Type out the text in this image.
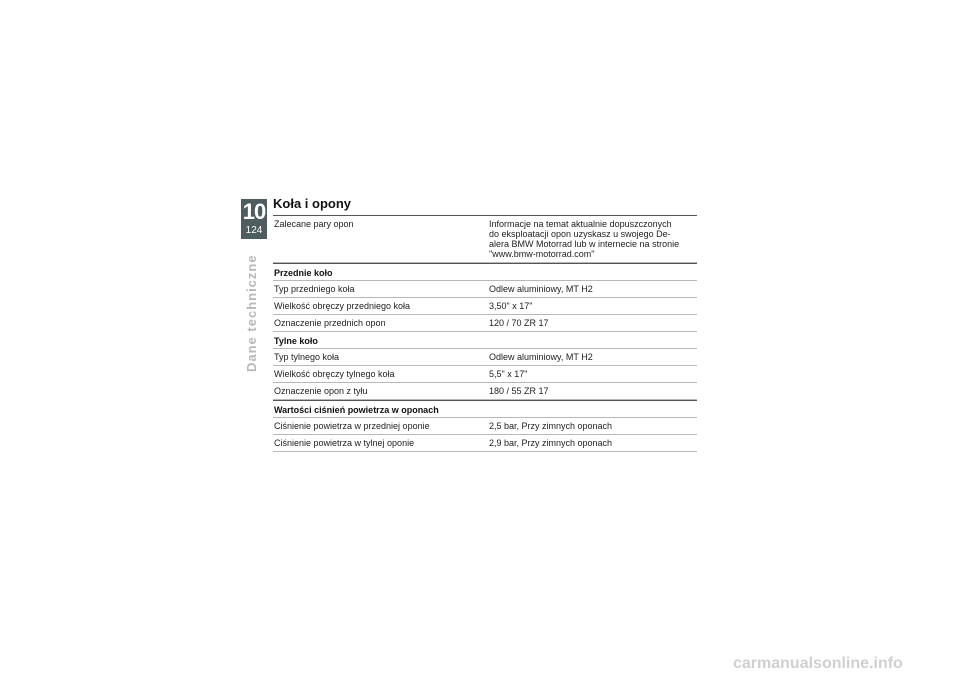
10
124
Dane techniczne
Koła i opony
Zalecane pary opon	Informacje na temat aktualnie dopuszczonych
do eksploatacji opon uzyskasz u swojego De-
alera BMW Motorrad lub w internecie na stronie
"www.bmw-motorrad.com"
Przednie koło
Typ przedniego koła	Odlew aluminiowy, MT H2
Wielkość obręczy przedniego koła	3,50" x 17"
Oznaczenie przednich opon	120 / 70 ZR 17
Tylne koło
Typ tylnego koła	Odlew aluminiowy, MT H2
Wielkość obręczy tylnego koła	5,5" x 17"
Oznaczenie opon z tyłu	180 / 55 ZR 17
Wartości ciśnień powietrza w oponach
Ciśnienie powietrza w przedniej oponie	2,5 bar, Przy zimnych oponach
Ciśnienie powietrza w tylnej oponie	2,9 bar, Przy zimnych oponach
carmanualsonline.info
